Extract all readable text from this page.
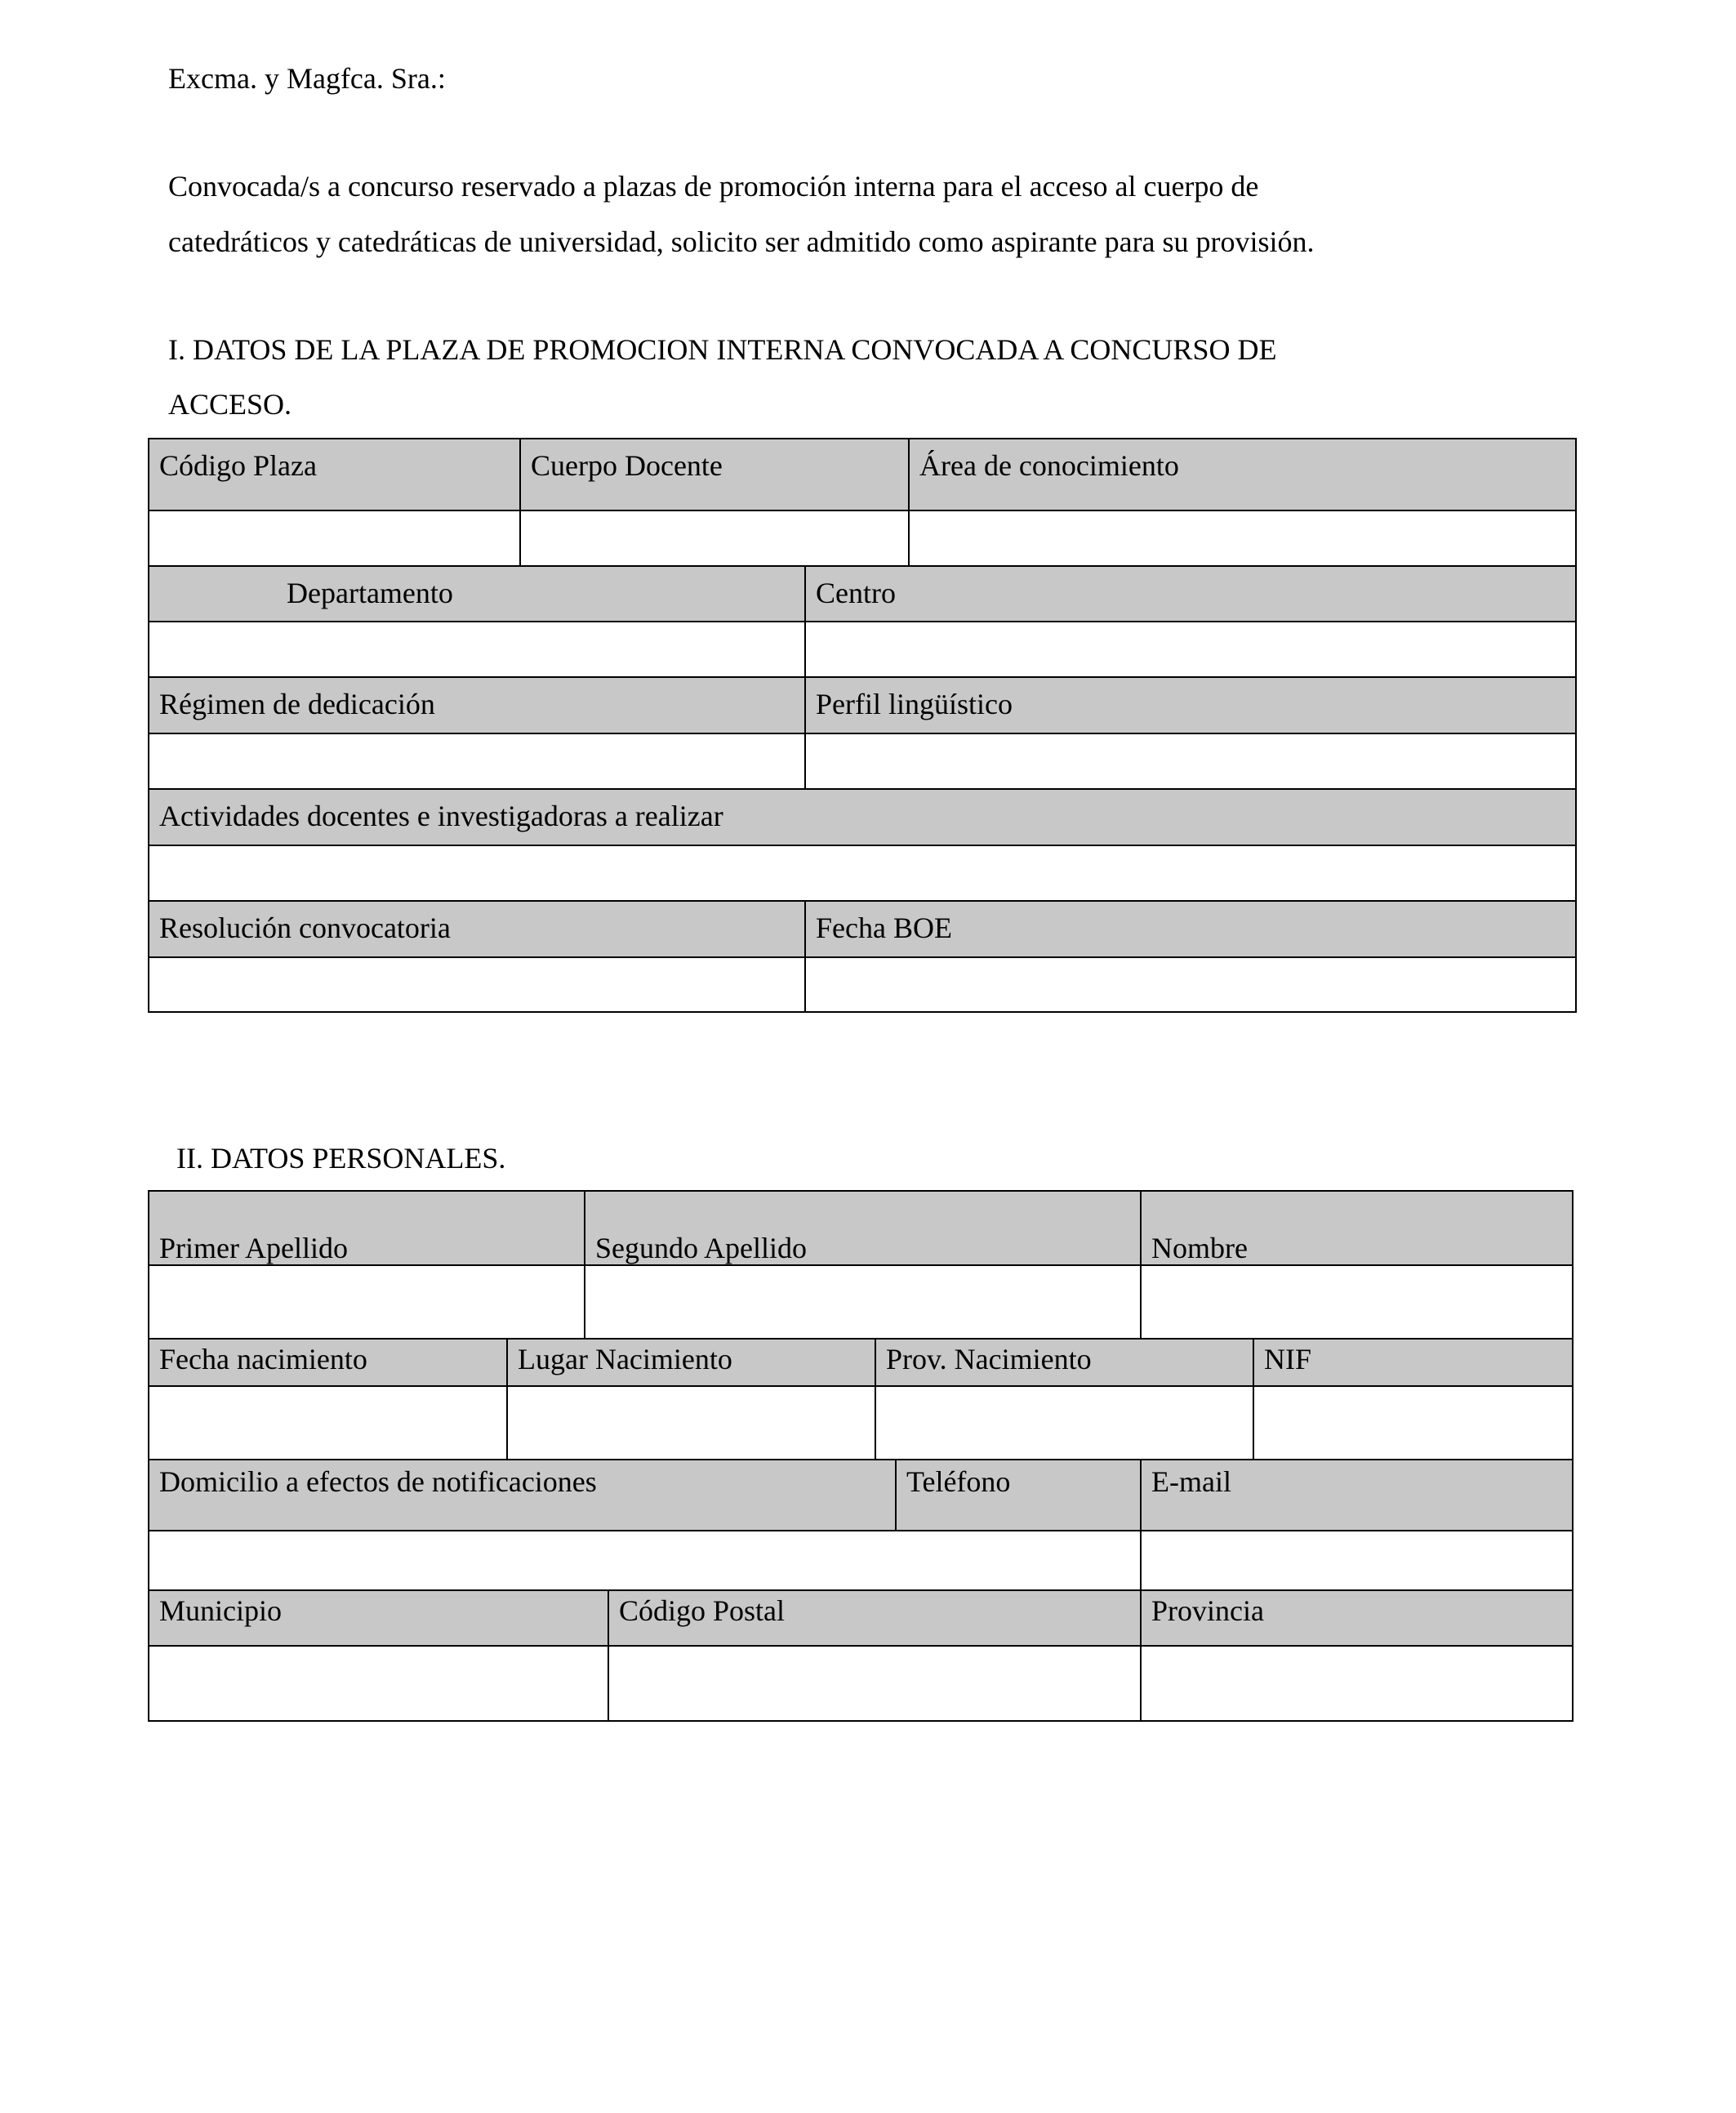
Excma. y Magfca. Sra.:
Convocada/s a concurso reservado a plazas de promoción interna para el acceso al cuerpo de
catedráticos y catedráticas de universidad, solicito ser admitido como aspirante para su provisión.
I. DATOS DE LA PLAZA DE PROMOCION INTERNA CONVOCADA A CONCURSO DE
ACCESO.
Código Plaza	Cuerpo Docente	Área de conocimiento
Departamento	Centro
Régimen de dedicación	Perfil lingüístico
Actividades docentes e investigadoras a realizar
Resolución convocatoria	Fecha BOE
II. DATOS PERSONALES.
Primer Apellido	Segundo Apellido	Nombre
Fecha nacimiento	Lugar Nacimiento	Prov. Nacimiento	NIF
Domicilio a efectos de notificaciones	Teléfono	E-mail
Municipio	Código Postal	Provincia
